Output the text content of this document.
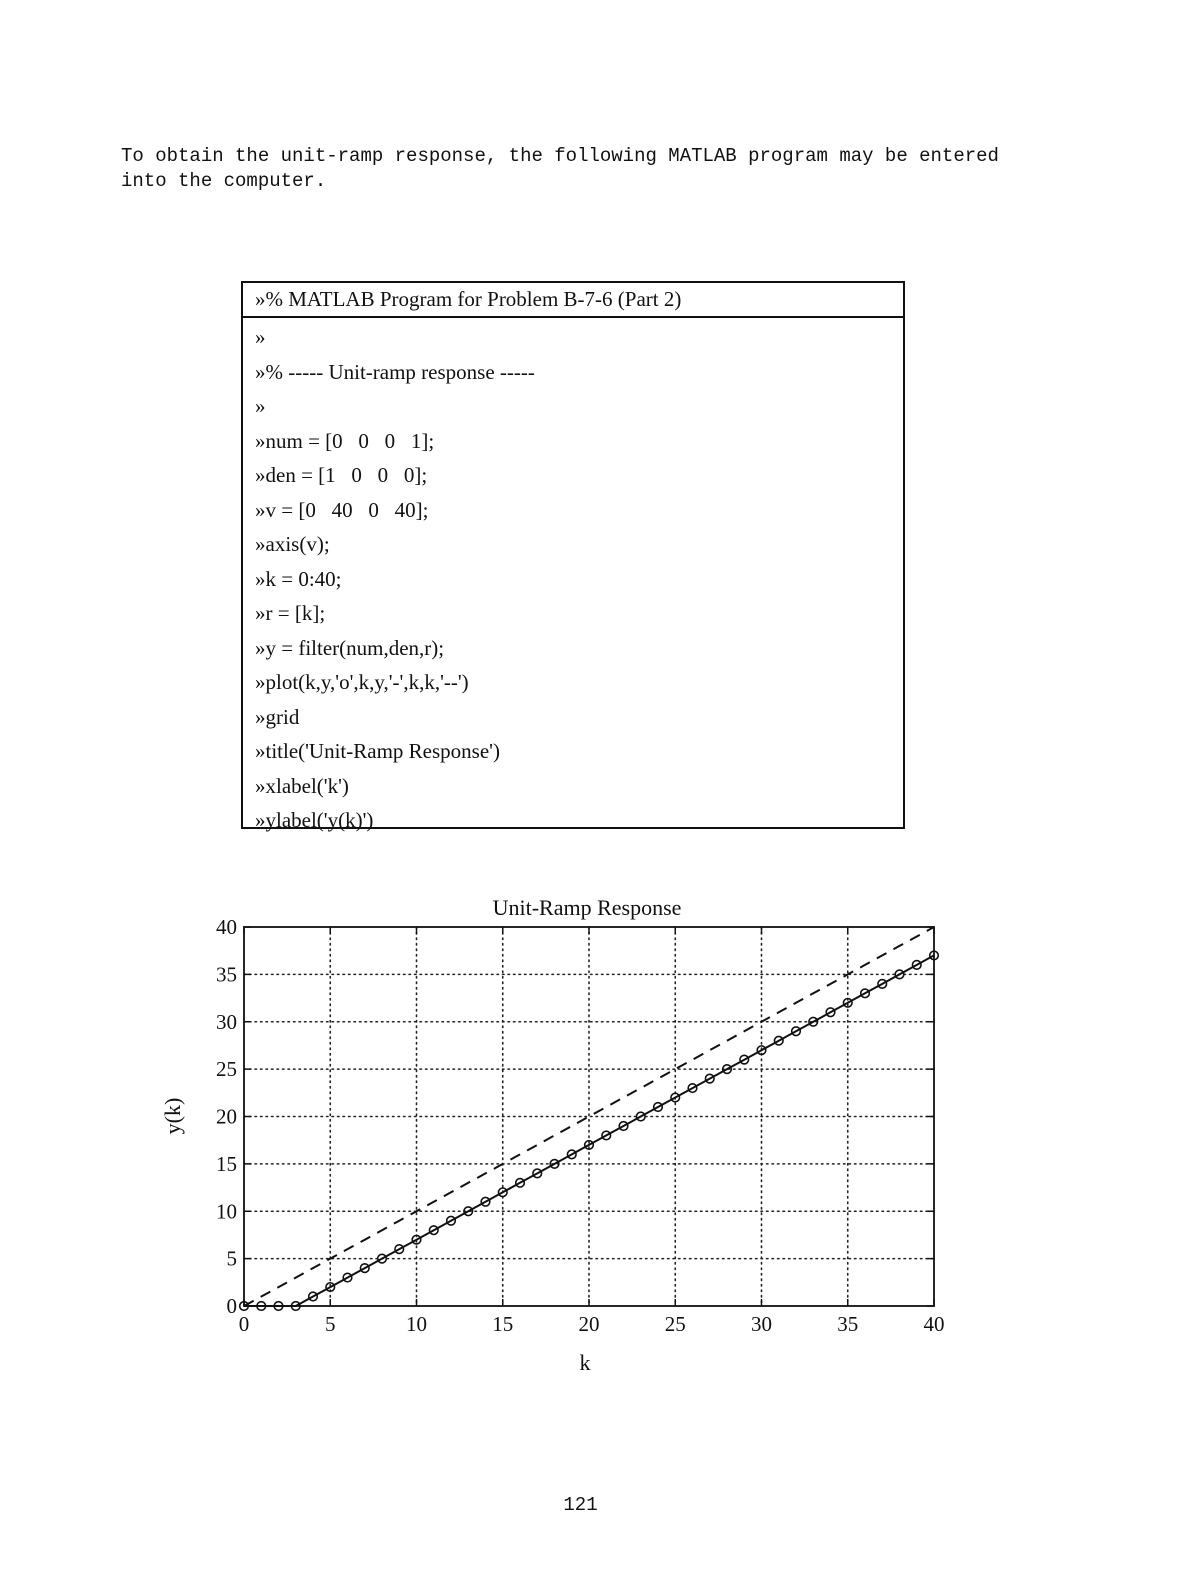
To obtain the unit-ramp response, the following MATLAB program may be entered
into the computer.
»% MATLAB Program for Problem B-7-6 (Part 2)
»
»% ----- Unit-ramp response -----
»
»num = [0   0   0   1];
»den = [1   0   0   0];
»v = [0   40   0   40];
»axis(v);
»k = 0:40;
»r = [k];
»y = filter(num,den,r);
»plot(k,y,'o',k,y,'-',k,k,'--')
»grid
»title('Unit-Ramp Response')
»xlabel('k')
»ylabel('y(k)')
Unit-Ramp Response
k
y(k)
0	5	10	15	20	25	30	35	40
0
5
10
15
20
25
30
35
40
121
